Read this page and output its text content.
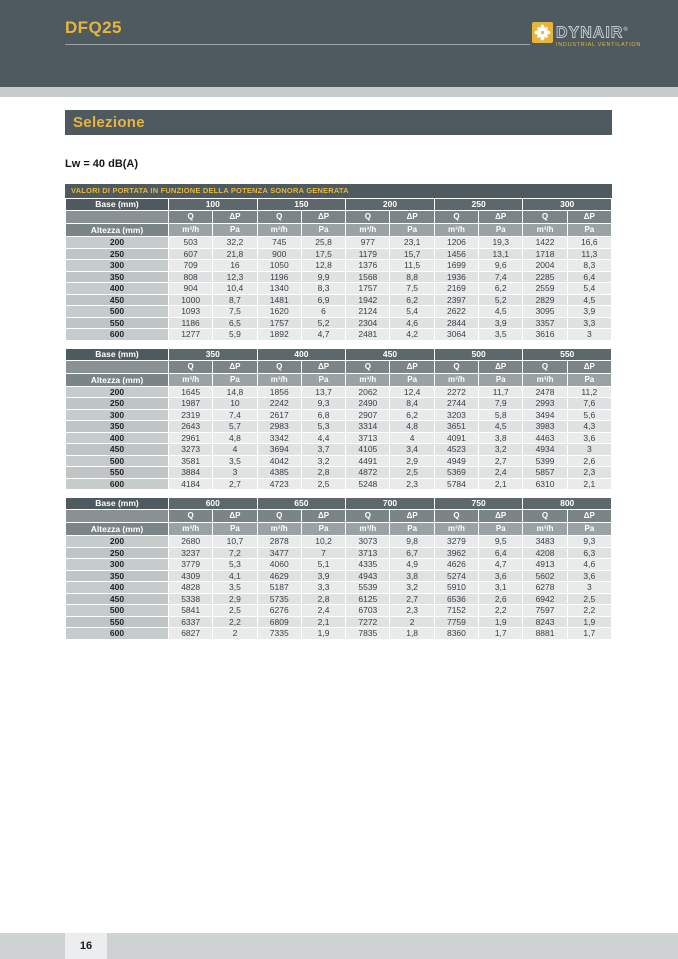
DFQ25	DYNAIR®
INDUSTRIAL VENTILATION
Selezione
Lw = 40 dB(A)
VALORI DI PORTATA IN FUNZIONE DELLA POTENZA SONORA GENERATA
Base (mm)	100		150		200		250		300	
	Q	ΔP	Q	ΔP	Q	ΔP	Q	ΔP	Q	ΔP
Altezza (mm)	m³/h	Pa	m³/h	Pa	m³/h	Pa	m³/h	Pa	m³/h	Pa
200	503	32,2	745	25,8	977	23,1	1206	19,3	1422	16,6
250	607	21,8	900	17,5	1179	15,7	1456	13,1	1718	11,3
300	709	16	1050	12,8	1376	11,5	1699	9,6	2004	8,3
350	808	12,3	1196	9,9	1568	8,8	1936	7,4	2285	6,4
400	904	10,4	1340	8,3	1757	7,5	2169	6,2	2559	5,4
450	1000	8,7	1481	6,9	1942	6,2	2397	5,2	2829	4,5
500	1093	7,5	1620	6	2124	5,4	2622	4,5	3095	3,9
550	1186	6,5	1757	5,2	2304	4,6	2844	3,9	3357	3,3
600	1277	5,9	1892	4,7	2481	4,2	3064	3,5	3616	3
Base (mm)	350		400		450		500		550	
	Q	ΔP	Q	ΔP	Q	ΔP	Q	ΔP	Q	ΔP
Altezza (mm)	m³/h	Pa	m³/h	Pa	m³/h	Pa	m³/h	Pa	m³/h	Pa
200	1645	14,8	1856	13,7	2062	12,4	2272	11,7	2478	11,2
250	1987	10	2242	9,3	2490	8,4	2744	7,9	2993	7,6
300	2319	7,4	2617	6,8	2907	6,2	3203	5,8	3494	5,6
350	2643	5,7	2983	5,3	3314	4,8	3651	4,5	3983	4,3
400	2961	4,8	3342	4,4	3713	4	4091	3,8	4463	3,6
450	3273	4	3694	3,7	4105	3,4	4523	3,2	4934	3
500	3581	3,5	4042	3,2	4491	2,9	4949	2,7	5399	2,6
550	3884	3	4385	2,8	4872	2,5	5369	2,4	5857	2,3
600	4184	2,7	4723	2,5	5248	2,3	5784	2,1	6310	2,1
Base (mm)	600		650		700		750		800	
	Q	ΔP	Q	ΔP	Q	ΔP	Q	ΔP	Q	ΔP
Altezza (mm)	m³/h	Pa	m³/h	Pa	m³/h	Pa	m³/h	Pa	m³/h	Pa
200	2680	10,7	2878	10,2	3073	9,8	3279	9,5	3483	9,3
250	3237	7,2	3477	7	3713	6,7	3962	6,4	4208	6,3
300	3779	5,3	4060	5,1	4335	4,9	4626	4,7	4913	4,6
350	4309	4,1	4629	3,9	4943	3,8	5274	3,6	5602	3,6
400	4828	3,5	5187	3,3	5539	3,2	5910	3,1	6278	3
450	5338	2,9	5735	2,8	6125	2,7	6536	2,6	6942	2,5
500	5841	2,5	6276	2,4	6703	2,3	7152	2,2	7597	2,2
550	6337	2,2	6809	2,1	7272	2	7759	1,9	8243	1,9
600	6827	2	7335	1,9	7835	1,8	8360	1,7	8881	1,7
16
